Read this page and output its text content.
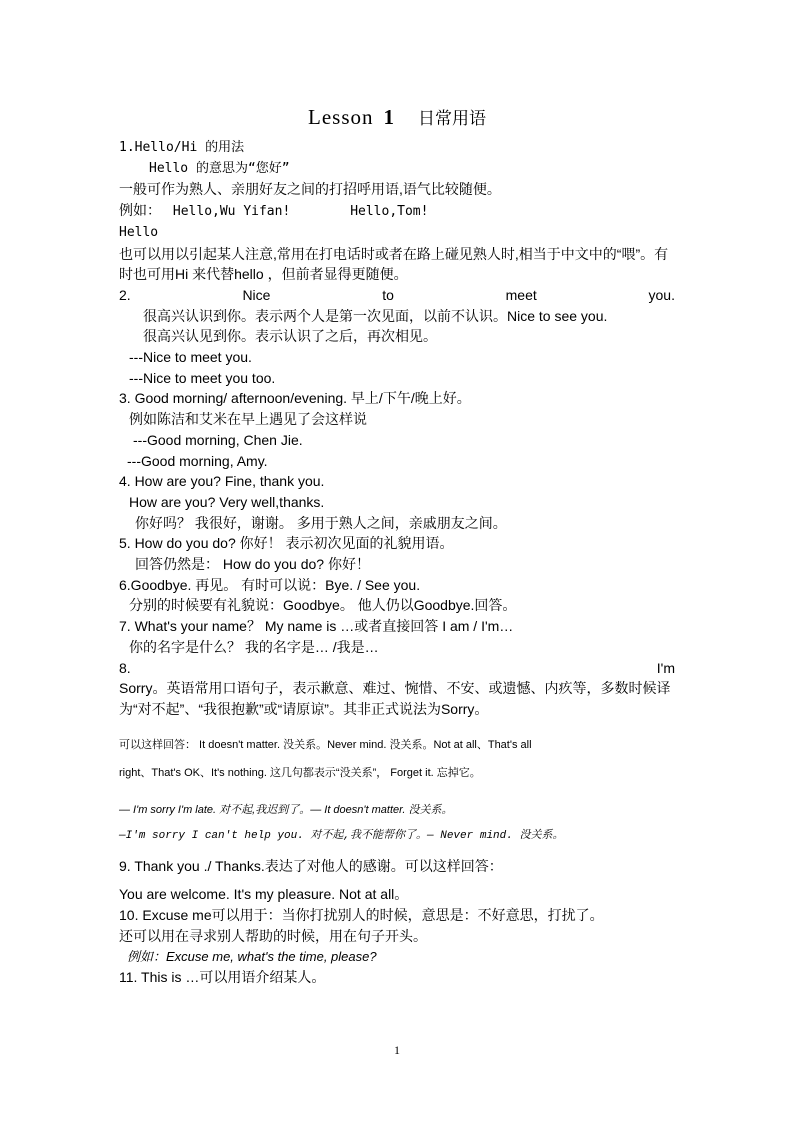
Lesson 1 日常用语
1.Hello/Hi 的用法
Hello 的意思为“您好”
一般可作为熟人、亲朋好友之间的打招呼用语,语气比较随便。
例如： Hello,Wu Yifan!	Hello,Tom!
Hello
也可以用以引起某人注意,常用在打电话时或者在路上碰见熟人时,相当于中文中的“喂”。有时也可用Hi 来代替hello ，但前者显得更随便。
2.	Nice	to	meet	you.
很高兴认识到你。表示两个人是第一次见面，以前不认识。Nice to see you.
很高兴认见到你。表示认识了之后，再次相见。
---Nice to meet you.
---Nice to meet you too.
3. Good morning/ afternoon/evening. 早上/下午/晚上好。
例如陈洁和艾米在早上遇见了会这样说
---Good morning, Chen Jie.
---Good morning, Amy.
4. How are you? Fine, thank you.
How are you? Very well,thanks.
你好吗？ 我很好，谢谢。 多用于熟人之间，亲戚朋友之间。
5. How do you do? 你好！ 表示初次见面的礼貌用语。
回答仍然是： How do you do? 你好！
6.Goodbye. 再见。 有时可以说：Bye. / See you.
分别的时候要有礼貌说：Goodbye。 他人仍以Goodbye.回答。
7. What's your name？ My name is …或者直接回答 I am / I'm…
你的名字是什么？ 我的名字是… /我是…
8.	I'm
Sorry。英语常用口语句子，表示歉意、难过、惋惜、不安、或遗憾、内疚等，多数时候译为“对不起”、“我很抱歉”或“请原谅”。其非正式说法为Sorry。
可以这样回答： It doesn't matter. 没关系。Never mind. 没关系。Not at all、That's all
right、That's OK、It's nothing. 这几句都表示“没关系”， Forget it. 忘掉它。
— I'm sorry I'm late. 对不起,我迟到了。— It doesn't matter. 没关系。
—I'm sorry I can't help you. 对不起,我不能帮你了。— Never mind. 没关系。
9. Thank you ./ Thanks.表达了对他人的感谢。可以这样回答：
You are welcome. It's my pleasure. Not at all。
10. Excuse me可以用于：当你打扰别人的时候，意思是：不好意思，打扰了。
还可以用在寻求别人帮助的时候，用在句子开头。
例如：Excuse me, what's the time, please?
11. This is …可以用语介绍某人。
1
